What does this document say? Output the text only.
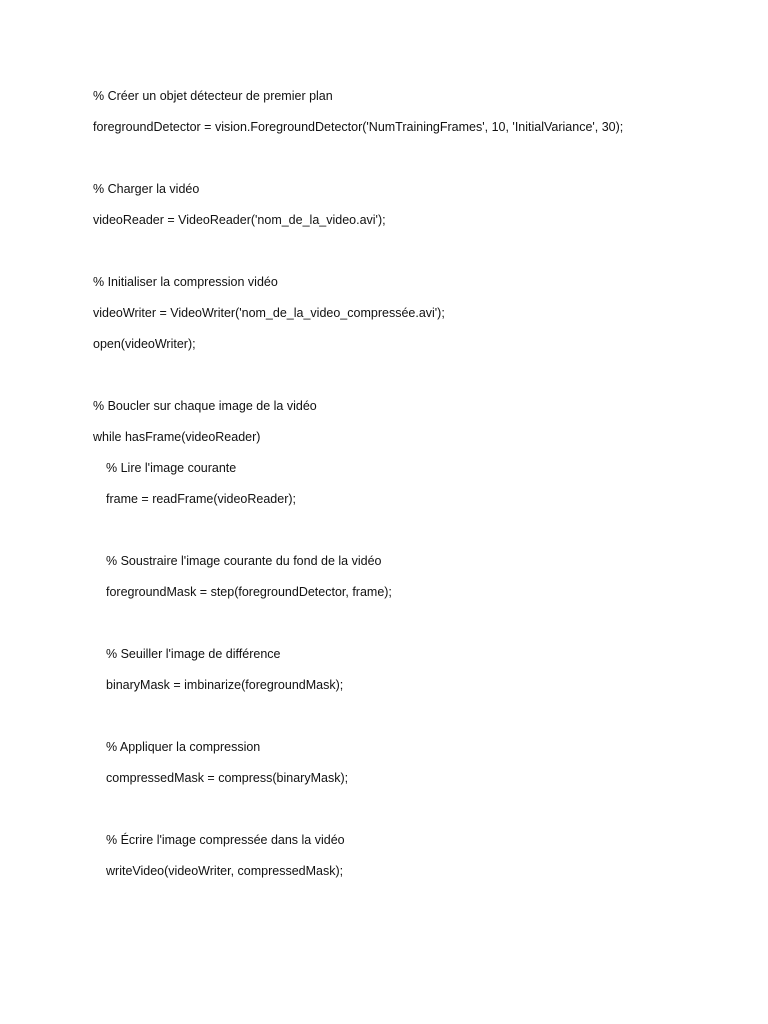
% Créer un objet détecteur de premier plan
foregroundDetector = vision.ForegroundDetector('NumTrainingFrames', 10, 'InitialVariance', 30);
% Charger la vidéo
videoReader = VideoReader('nom_de_la_video.avi');
% Initialiser la compression vidéo
videoWriter = VideoWriter('nom_de_la_video_compressée.avi');
open(videoWriter);
% Boucler sur chaque image de la vidéo
while hasFrame(videoReader)
% Lire l'image courante
frame = readFrame(videoReader);
% Soustraire l'image courante du fond de la vidéo
foregroundMask = step(foregroundDetector, frame);
% Seuiller l'image de différence
binaryMask = imbinarize(foregroundMask);
% Appliquer la compression
compressedMask = compress(binaryMask);
% Écrire l'image compressée dans la vidéo
writeVideo(videoWriter, compressedMask);
